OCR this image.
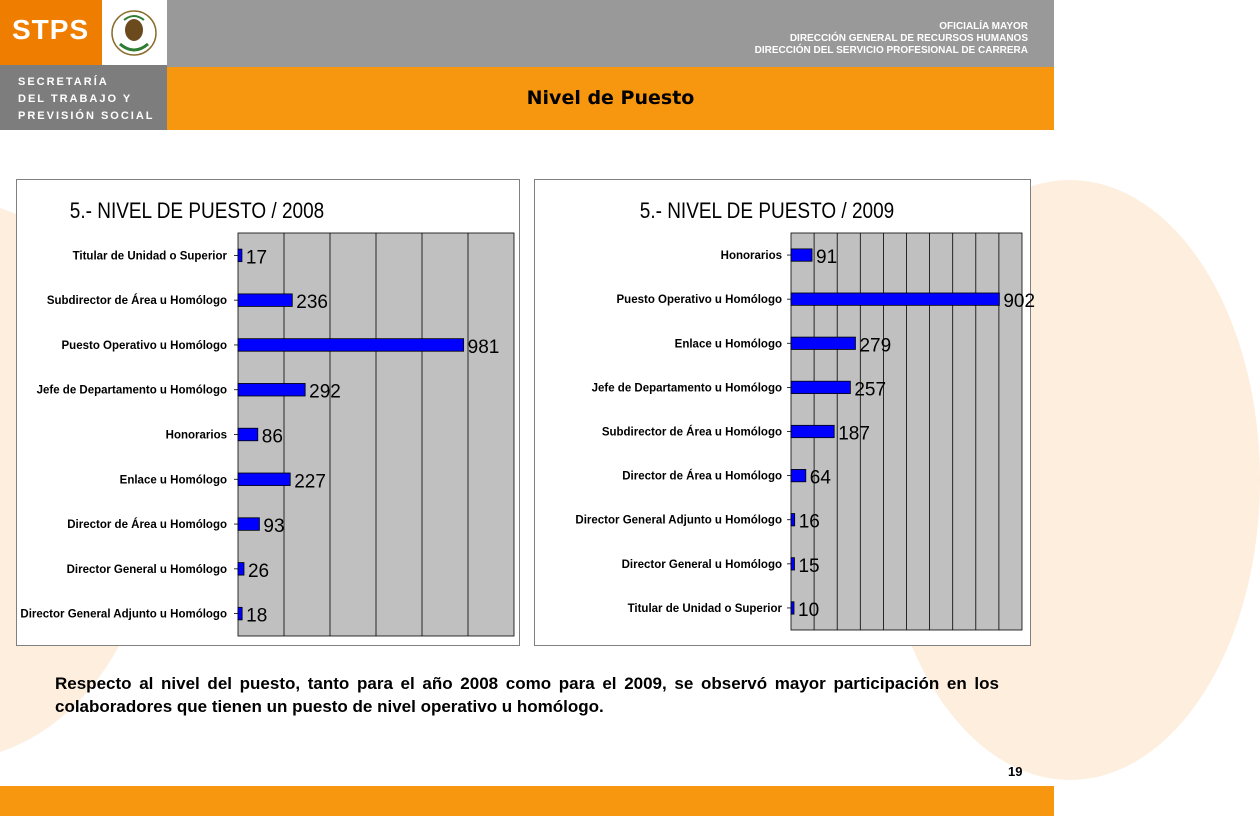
STPS
SECRETARÍA
DEL TRABAJO Y
PREVISIÓN SOCIAL
OFICIALÍA MAYOR
DIRECCIÓN GENERAL DE RECURSOS HUMANOS
DIRECCIÓN DEL SERVICIO PROFESIONAL DE CARRERA
Nivel de Puesto
5.- NIVEL DE PUESTO / 2008
Titular de Unidad o Superior 17
Subdirector de Área u Homólogo	236
Puesto Operativo u Homólogo	981
Jefe de Departamento u Homólogo	292
Honorarios 86
Enlace u Homólogo	227
Director de Área u Homólogo 93
Director General u Homólogo 26
Director General Adjunto u Homólogo 18
5.- NIVEL DE PUESTO / 2009
Honorarios 91
Puesto Operativo u Homólogo	902
Enlace u Homólogo	279
Jefe de Departamento u Homólogo	257
Subdirector de Área u Homólogo	187
Director de Área u Homólogo 64
Director General Adjunto u Homólogo 16
Director General u Homólogo 15
Titular de Unidad o Superior 10
Respecto al nivel del puesto, tanto para el año 2008 como para el 2009, se observó mayor participación en los colaboradores que tienen un puesto de nivel operativo u homólogo.
19
